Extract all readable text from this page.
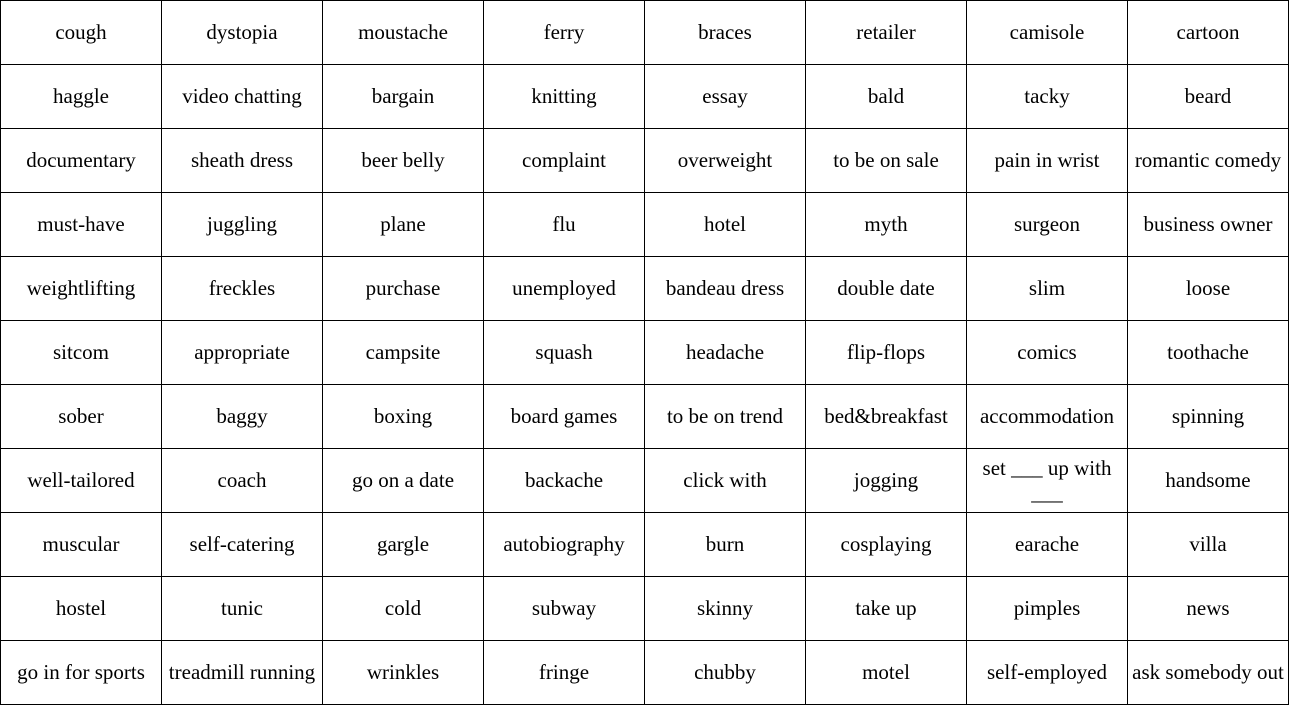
cough	dystopia	moustache	ferry	braces	retailer	camisole	cartoon
haggle	video chatting	bargain	knitting	essay	bald	tacky	beard
documentary	sheath dress	beer belly	complaint	overweight	to be on sale	pain in wrist	romantic comedy
must-have	juggling	plane	flu	hotel	myth	surgeon	business owner
weightlifting	freckles	purchase	unemployed	bandeau dress	double date	slim	loose
sitcom	appropriate	campsite	squash	headache	flip-flops	comics	toothache
sober	baggy	boxing	board games	to be on trend	bed&breakfast	accommodation	spinning
well-tailored	coach	go on a date	backache	click with	jogging	set ___ up with ___	handsome
muscular	self-catering	gargle	autobiography	burn	cosplaying	earache	villa
hostel	tunic	cold	subway	skinny	take up	pimples	news
go in for sports	treadmill running	wrinkles	fringe	chubby	motel	self-employed	ask somebody out
